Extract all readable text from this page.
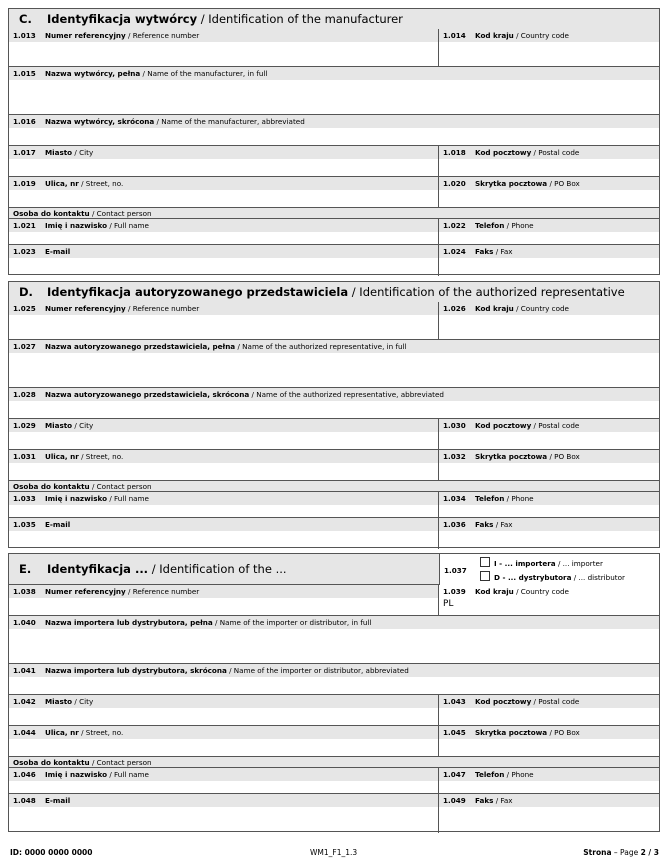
C. Identyfikacja wytwórcy / Identification of the manufacturer
1.013 Numer referencyjny / Reference number	1.014 Kod kraju / Country code
1.015 Nazwa wytwórcy, pełna / Name of the manufacturer, in full
1.016 Nazwa wytwórcy, skrócona / Name of the manufacturer, abbreviated
1.017 Miasto / City	1.018 Kod pocztowy / Postal code
1.019 Ulica, nr / Street, no.	1.020 Skrytka pocztowa / PO Box
Osoba do kontaktu / Contact person
1.021 Imię i nazwisko / Full name	1.022 Telefon / Phone
1.023 E-mail	1.024 Faks / Fax
D. Identyfikacja autoryzowanego przedstawiciela / Identification of the authorized representative
1.025 Numer referencyjny / Reference number	1.026 Kod kraju / Country code
1.027 Nazwa autoryzowanego przedstawiciela, pełna / Name of the authorized representative, in full
1.028 Nazwa autoryzowanego przedstawiciela, skrócona / Name of the authorized representative, abbreviated
1.029 Miasto / City	1.030 Kod pocztowy / Postal code
1.031 Ulica, nr / Street, no.	1.032 Skrytka pocztowa / PO Box
Osoba do kontaktu / Contact person
1.033 Imię i nazwisko / Full name	1.034 Telefon / Phone
1.035 E-mail	1.036 Faks / Fax
E. Identyfikacja ... / Identification of the ...	1.037
I - ... importera / ... importer
D - ... dystrybutora / ... distributor
1.038 Numer referencyjny / Reference number	1.039 Kod kraju / Country code
PL
1.040 Nazwa importera lub dystrybutora, pełna / Name of the importer or distributor, in full
1.041 Nazwa importera lub dystrybutora, skrócona / Name of the importer or distributor, abbreviated
1.042 Miasto / City	1.043 Kod pocztowy / Postal code
1.044 Ulica, nr / Street, no.	1.045 Skrytka pocztowa / PO Box
Osoba do kontaktu / Contact person
1.046 Imię i nazwisko / Full name	1.047 Telefon / Phone
1.048 E-mail	1.049 Faks / Fax
ID: 0000 0000 0000	WM1_F1_1.3	Strona – Page 2 / 3
